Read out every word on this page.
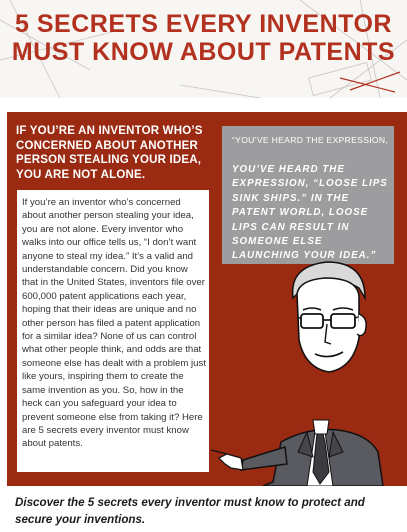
5 SECRETS EVERY INVENTOR
MUST KNOW ABOUT PATENTS
IF YOU’RE AN INVENTOR WHO’S CONCERNED ABOUT ANOTHER PERSON STEALING YOUR IDEA, YOU ARE NOT ALONE.
If you’re an inventor who’s concerned about another person stealing your idea, you are not alone. Every inventor who walks into our office tells us, “I don’t want anyone to steal my idea.” It’s a valid and understandable concern. Did you know that in the United States, inventors file over 600,000 patent applications each year, hoping that their ideas are unique and no other person has filed a patent application for a similar idea? None of us can control what other people think, and odds are that someone else has dealt with a problem just like yours, inspiring them to create the same invention as you. So, how in the heck can you safeguard your idea to prevent someone else from taking it? Here are 5 secrets every inventor must know about patents.
“YOU’VE HEARD THE EXPRESSION,
YOU’VE HEARD THE EXPRESSION, “LOOSE LIPS SINK SHIPS.” IN THE PATENT WORLD, LOOSE LIPS CAN RESULT IN SOMEONE ELSE LAUNCHING YOUR IDEA.”
Discover the 5 secrets every inventor must know to protect and secure your inventions.
